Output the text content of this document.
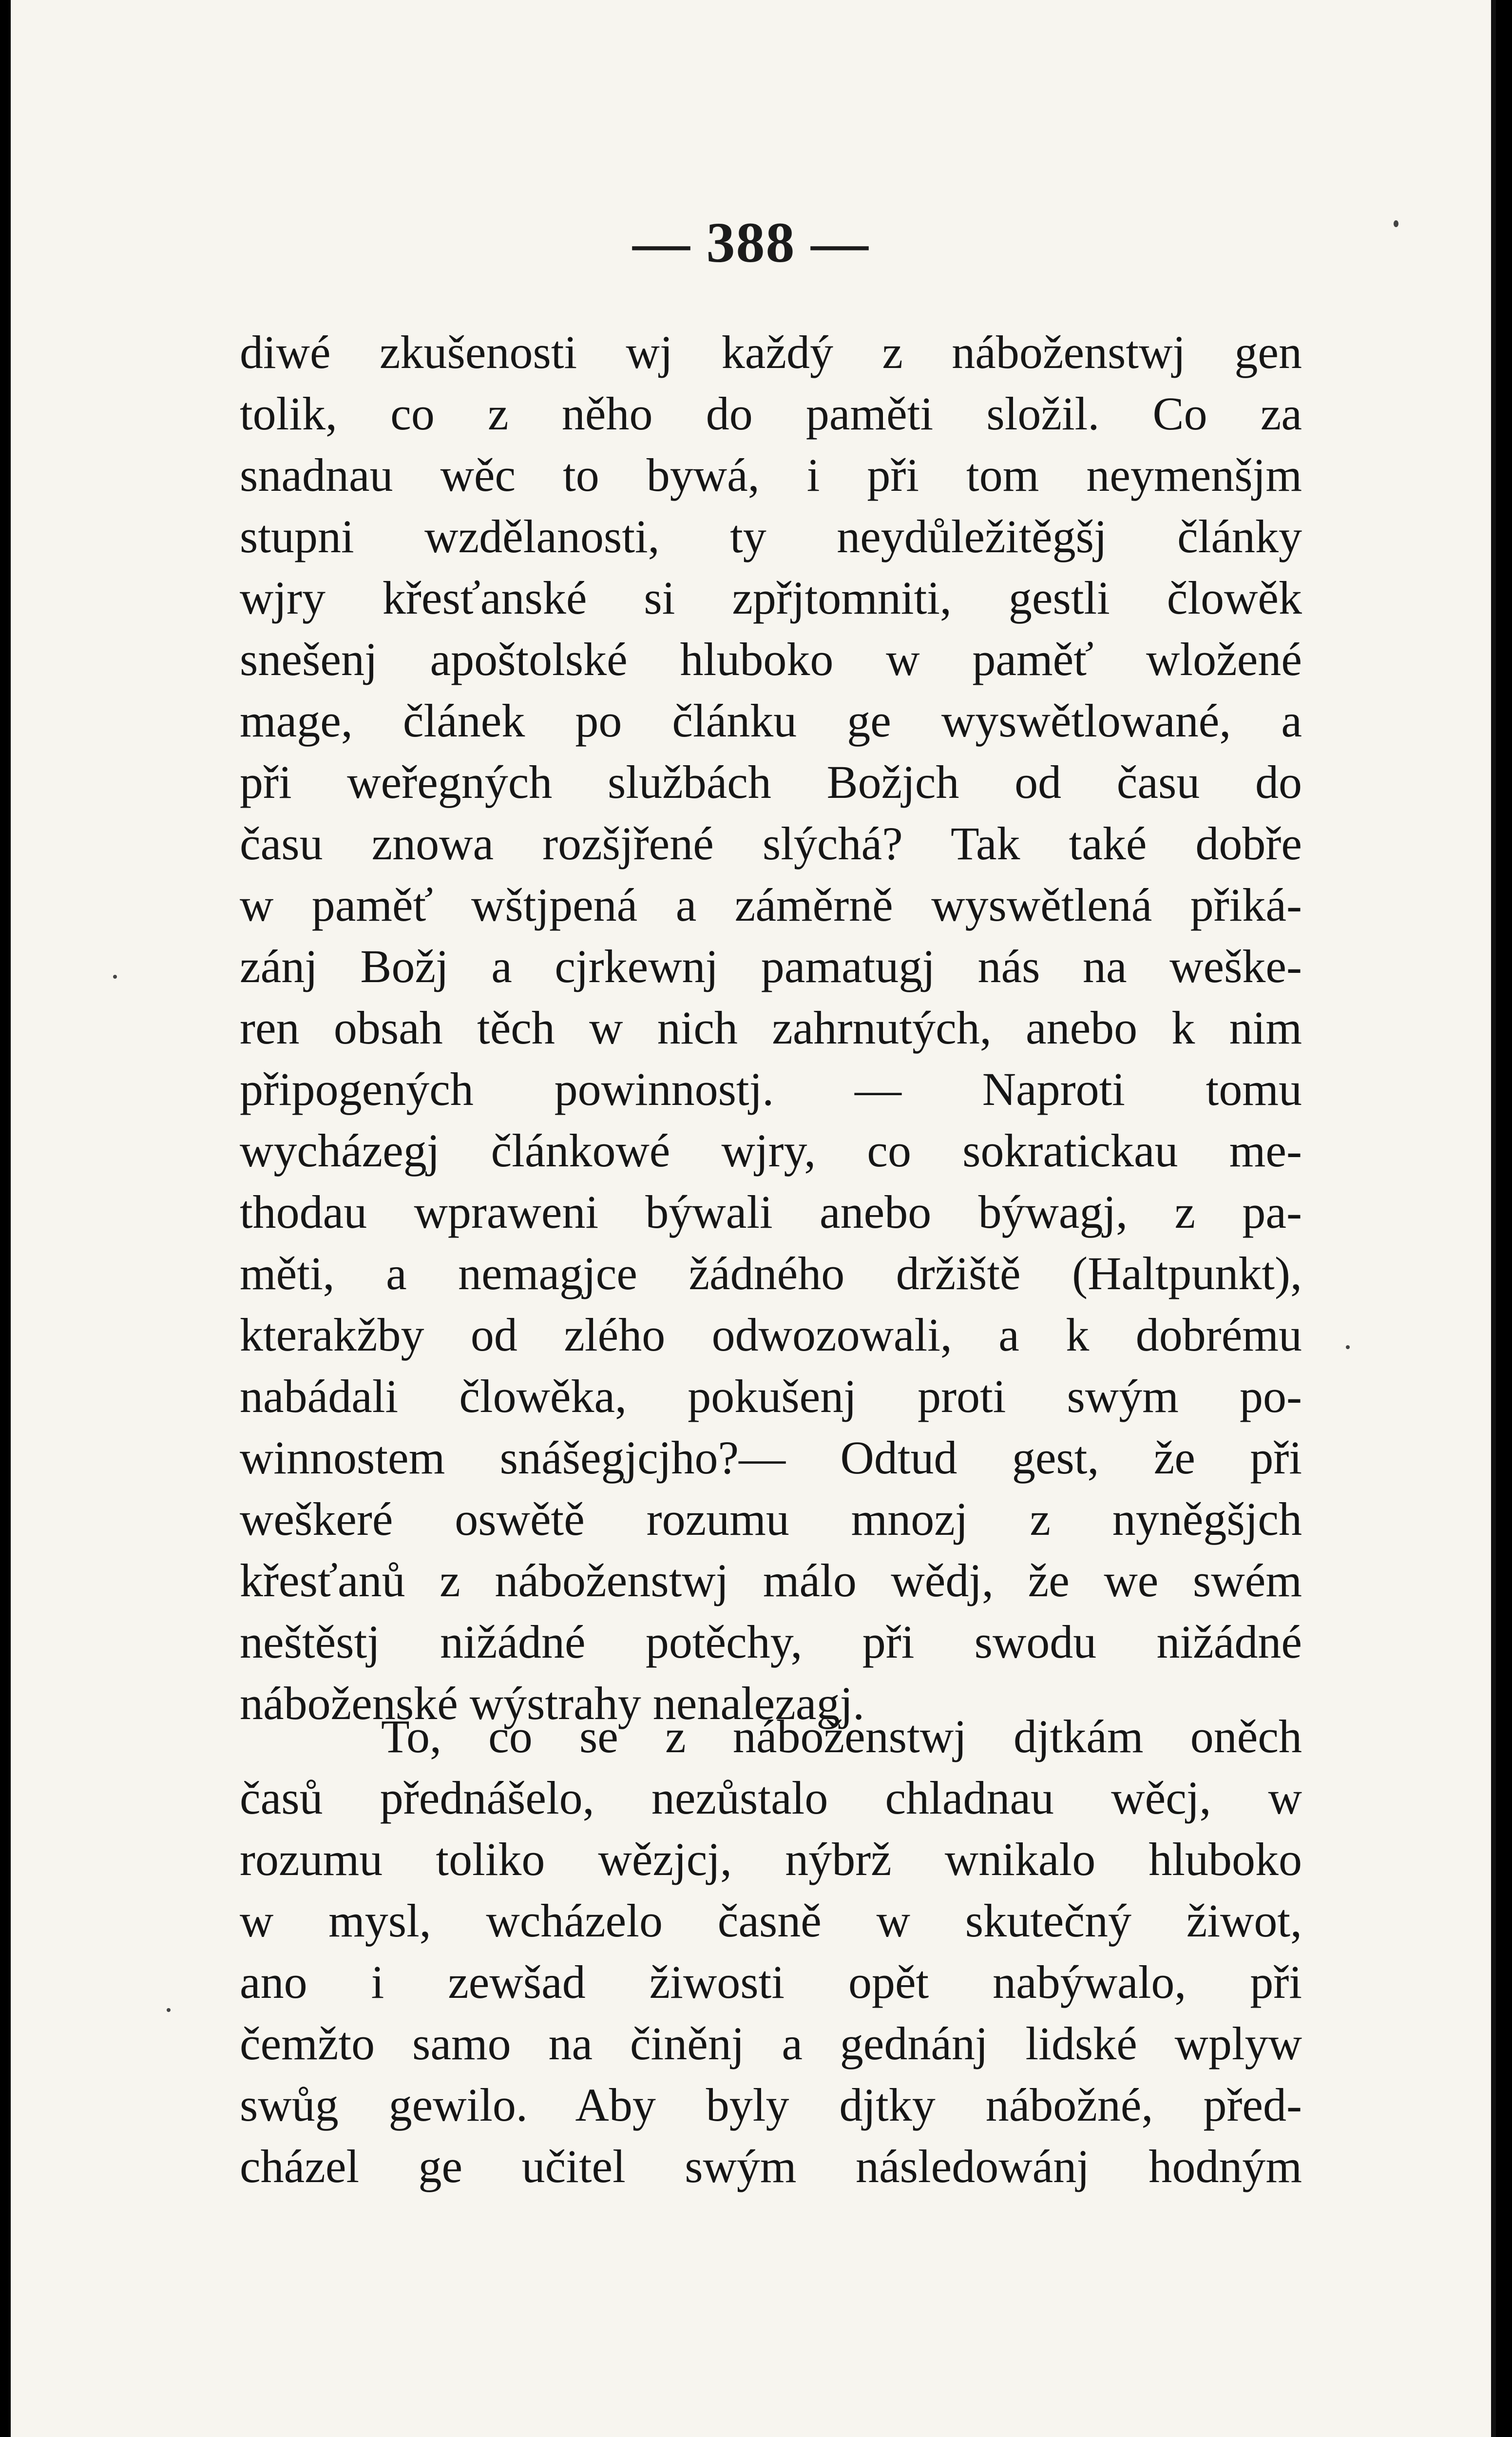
— 388 —
diwé zkušenosti wj každý z náboženstwj gen
tolik, co z něho do paměti složil. Co za
snadnau wěc to bywá, i při tom neymenšjm
stupni wzdělanosti, ty neydůležitěgšj články
wjry křesťanské si zpřjtomniti, gestli člowěk
snešenj apoštolské hluboko w paměť wložené
mage, článek po článku ge wyswětlowané, a
při weřegných službách Božjch od času do
času znowa rozšjřené slýchá? Tak také dobře
w paměť wštjpená a záměrně wyswětlená přiká-
zánj Božj a cjrkewnj pamatugj nás na weške-
ren obsah těch w nich zahrnutých, anebo k nim
připogených powinnostj. — Naproti tomu
wycházegj článkowé wjry, co sokratickau me-
thodau wpraweni býwali anebo býwagj, z pa-
měti, a nemagjce žádného držiště (Haltpunkt),
kterakžby od zlého odwozowali, a k dobrému
nabádali člowěka, pokušenj proti swým po-
winnostem snášegjcjho?— Odtud gest, že při
weškeré oswětě rozumu mnozj z nyněgšjch
křesťanů z náboženstwj málo wědj, že we swém
neštěstj nižádné potěchy, při swodu nižádné
náboženské wýstrahy nenalezagj.
To, co se z náboženstwj djtkám oněch
časů přednášelo, nezůstalo chladnau wěcj, w
rozumu toliko wězjcj, nýbrž wnikalo hluboko
w mysl, wcházelo časně w skutečný žiwot,
ano i zewšad žiwosti opět nabýwalo, při
čemžto samo na činěnj a gednánj lidské wplyw
swůg gewilo. Aby byly djtky nábožné, před-
cházel ge učitel swým následowánj hodným
